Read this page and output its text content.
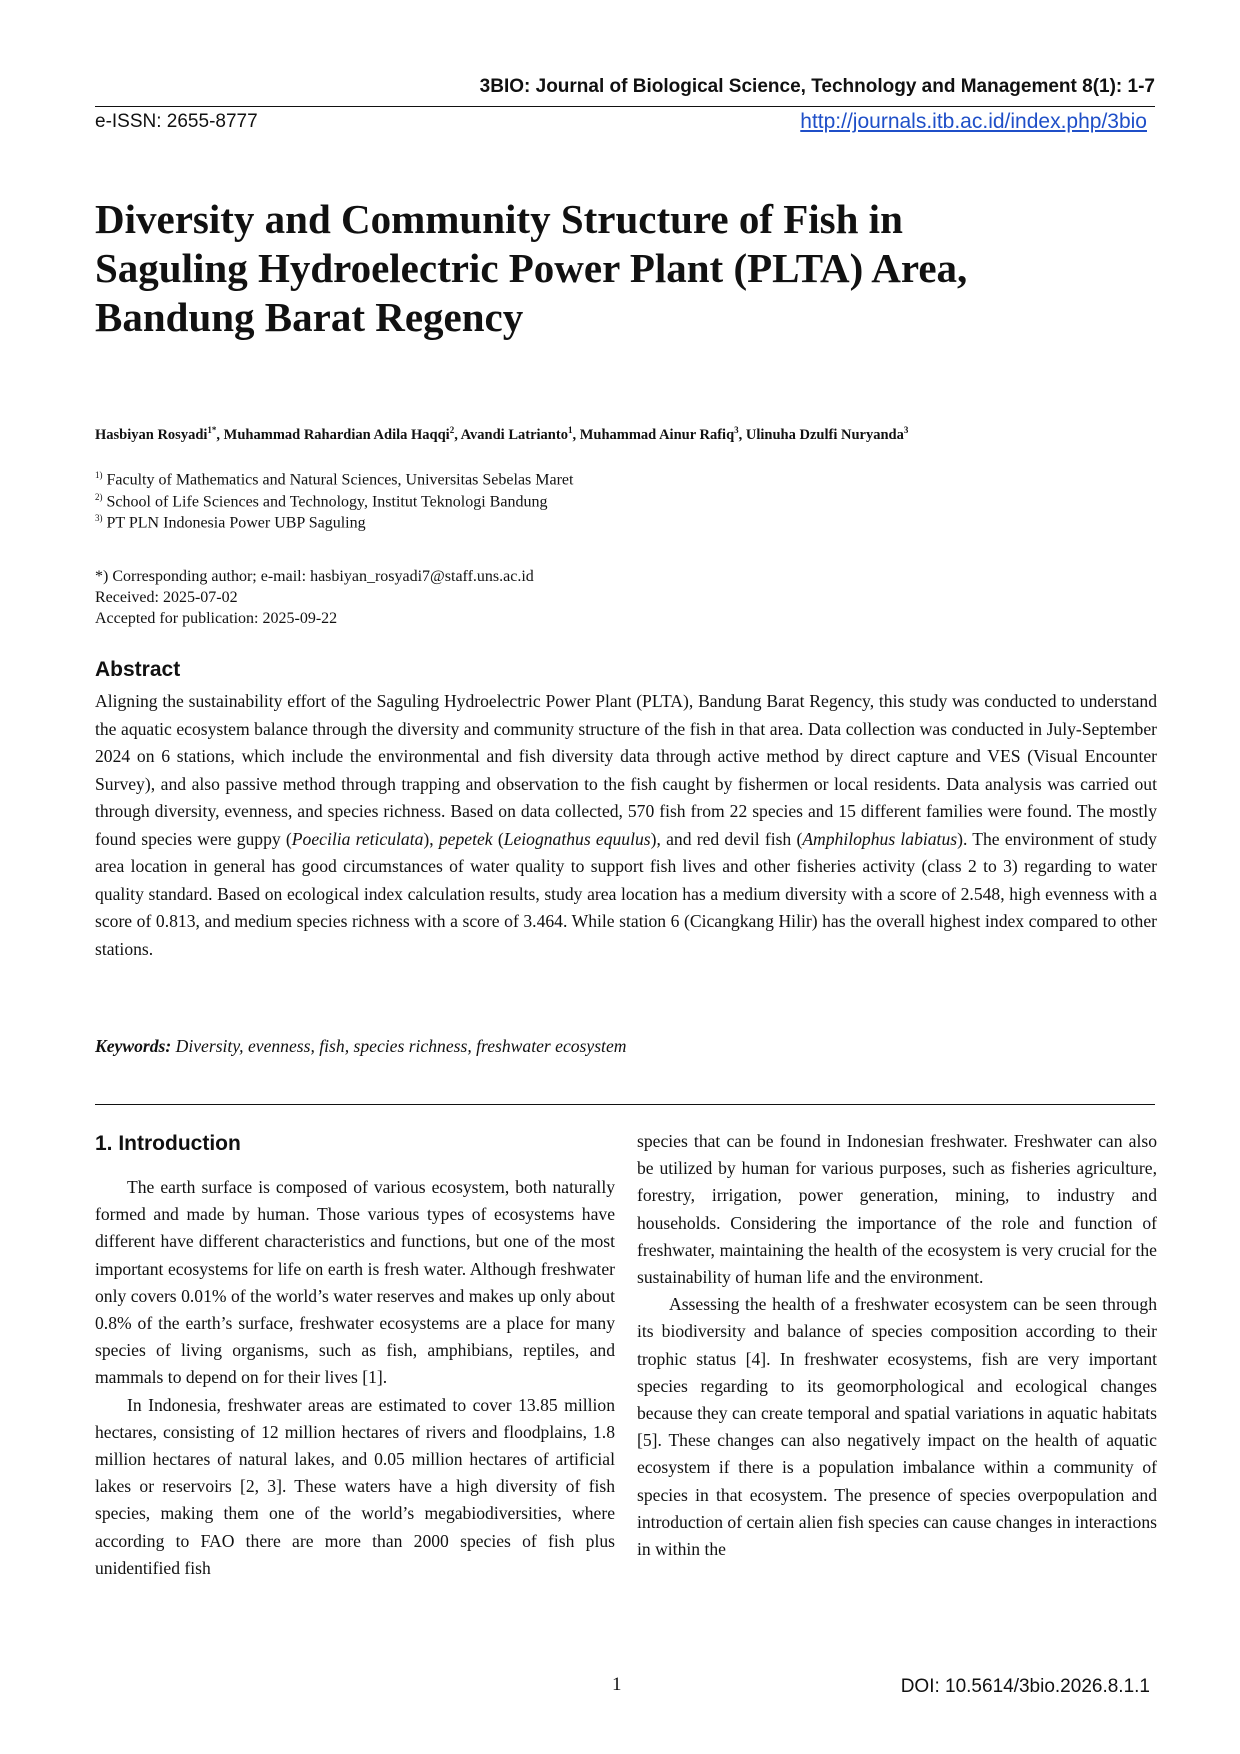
3BIO: Journal of Biological Science, Technology and Management 8(1): 1-7
e-ISSN: 2655-8777	http://journals.itb.ac.id/index.php/3bio
Diversity and Community Structure of Fish in
Saguling Hydroelectric Power Plant (PLTA) Area,
Bandung Barat Regency
Hasbiyan Rosyadi$^{1*}$, Muhammad Rahardian Adila Haqqi$^2$, Avandi Latrianto$^1$, Muhammad Ainur Rafiq$^3$, Ulinuha Dzulfi Nuryanda$^3$
$^{1)}$ Faculty of Mathematics and Natural Sciences, Universitas Sebelas Maret
$^{2)}$ School of Life Sciences and Technology, Institut Teknologi Bandung
$^{3)}$ PT PLN Indonesia Power UBP Saguling
*) Corresponding author; e-mail: hasbiyan_rosyadi7@staff.uns.ac.id
Received: 2025-07-02
Accepted for publication: 2025-09-22
Abstract

Aligning the sustainability effort of the Saguling Hydroelectric Power Plant (PLTA), Bandung Barat Regency, this study was conducted to understand the aquatic ecosystem balance through the diversity and community structure of the fish in that area. Data collection was conducted in July-September 2024 on 6 stations, which include the environmental and fish diversity data through active method by direct capture and VES (Visual Encounter Survey), and also passive method through trapping and observation to the fish caught by fishermen or local residents. Data analysis was carried out through diversity, evenness, and species richness. Based on data collected, 570 fish from 22 species and 15 different families were found. The mostly found species were guppy (Poecilia reticulata), pepetek (Leiognathus equulus), and red devil fish (Amphilophus labiatus). The environment of study area location in general has good circumstances of water quality to support fish lives and other fisheries activity (class 2 to 3) regarding to water quality standard. Based on ecological index calculation results, study area location has a medium diversity with a score of 2.548, high evenness with a score of 0.813, and medium species richness with a score of 3.464. While station 6 (Cicangkang Hilir) has the overall highest index compared to other stations.

Keywords: Diversity, evenness, fish, species richness, freshwater ecosystem
1. Introduction

The earth surface is composed of various ecosystem, both naturally formed and made by human. Those various types of ecosystems have different have different characteristics and functions, but one of the most important ecosystems for life on earth is fresh water. Although freshwater only covers 0.01% of the world’s water reserves and makes up only about 0.8% of the earth’s surface, freshwater ecosystems are a place for many species of living organisms, such as fish, amphibians, reptiles, and mammals to depend on for their lives [1].

In Indonesia, freshwater areas are estimated to cover 13.85 million hectares, consisting of 12 million hectares of rivers and floodplains, 1.8 million hectares of natural lakes, and 0.05 million hectares of artificial lakes or reservoirs [2, 3]. These waters have a high diversity of fish species, making them one of the world’s megabiodiversities, where according to FAO there are more than 2000 species of fish plus unidentified fish

species that can be found in Indonesian freshwater. Freshwater can also be utilized by human for various purposes, such as fisheries agriculture, forestry, irrigation, power generation, mining, to industry and households. Considering the importance of the role and function of freshwater, maintaining the health of the ecosystem is very crucial for the sustainability of human life and the environment.

Assessing the health of a freshwater ecosystem can be seen through its biodiversity and balance of species composition according to their trophic status [4]. In freshwater ecosystems, fish are very important species regarding to its geomorphological and ecological changes because they can create temporal and spatial variations in aquatic habitats [5]. These changes can also negatively impact on the health of aquatic ecosystem if there is a population imbalance within a community of species in that ecosystem. The presence of species overpopulation and introduction of certain alien fish species can cause changes in interactions in within the

1	DOI: 10.5614/3bio.2026.8.1.1
